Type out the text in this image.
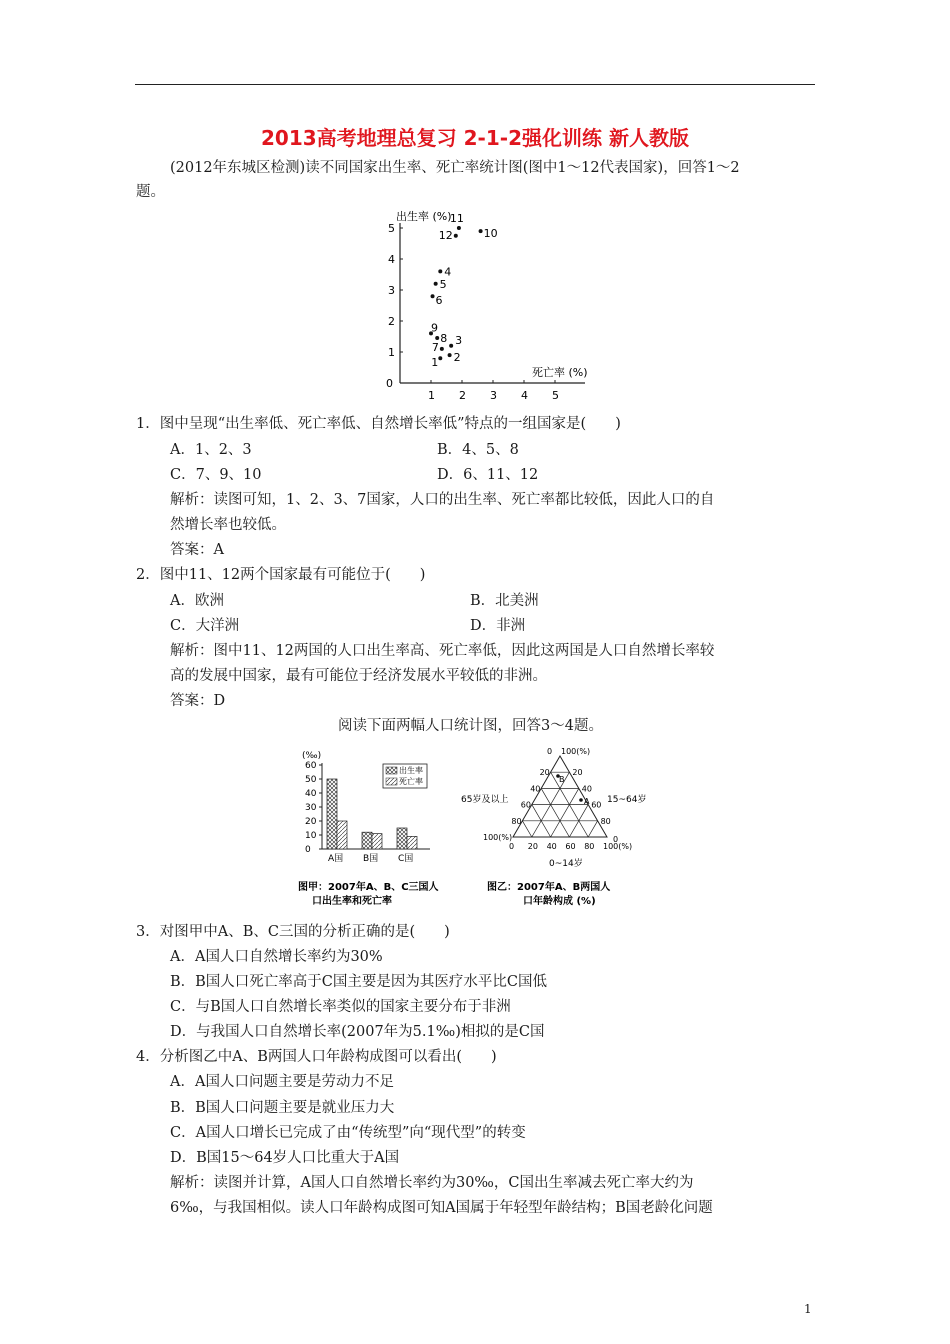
2013高考地理总复习 2-1-2强化训练 新人教版
(2012年东城区检测)读不同国家出生率、死亡率统计图(图中1～12代表国家)，回答1～2
题。
出生率 (%)
死亡率 (%)
0
1
1
2
2
3
3
4
4
5
5
1 2
3
4
5
6
7
8
9
10
11
12
1．图中呈现“出生率低、死亡率低、自然增长率低”特点的一组国家是(　　)
A．1、2、3	B．4、5、8
C．7、9、10	D．6、11、12
解析：读图可知，1、2、3、7国家，人口的出生率、死亡率都比较低，因此人口的自
然增长率也较低。
答案：A
2．图中11、12两个国家最有可能位于(　　)
A．欧洲	B．北美洲
C．大洋洲	D．非洲
解析：图中11、12两国的人口出生率高、死亡率低，因此这两国是人口自然增长率较
高的发展中国家，最有可能位于经济发展水平较低的非洲。
答案：D
阅读下面两幅人口统计图，回答3～4题。
(‰)
出生率
死亡率
0
10
20
30
40
50
60
A国 B国 C国
图甲：2007年A、B、C三国人
口出生率和死亡率
20
40
60
80
100(%)
20
40
60
80
0 20 40 60 80 100(%)
B
A
0 100(%)
65岁及以上	15~64岁
0~14岁
0
图乙：2007年A、B两国人
口年龄构成 (%)
3．对图甲中A、B、C三国的分析正确的是(　　)
A．A国人口自然增长率约为30%
B．B国人口死亡率高于C国主要是因为其医疗水平比C国低
C．与B国人口自然增长率类似的国家主要分布于非洲
D．与我国人口自然增长率(2007年为5.1‰)相拟的是C国
4．分析图乙中A、B两国人口年龄构成图可以看出(　　)
A．A国人口问题主要是劳动力不足
B．B国人口问题主要是就业压力大
C．A国人口增长已完成了由“传统型”向“现代型”的转变
D．B国15～64岁人口比重大于A国
解析：读图并计算，A国人口自然增长率约为30‰，C国出生率减去死亡率大约为
6‰，与我国相似。读人口年龄构成图可知A国属于年轻型年龄结构；B国老龄化问题
1
